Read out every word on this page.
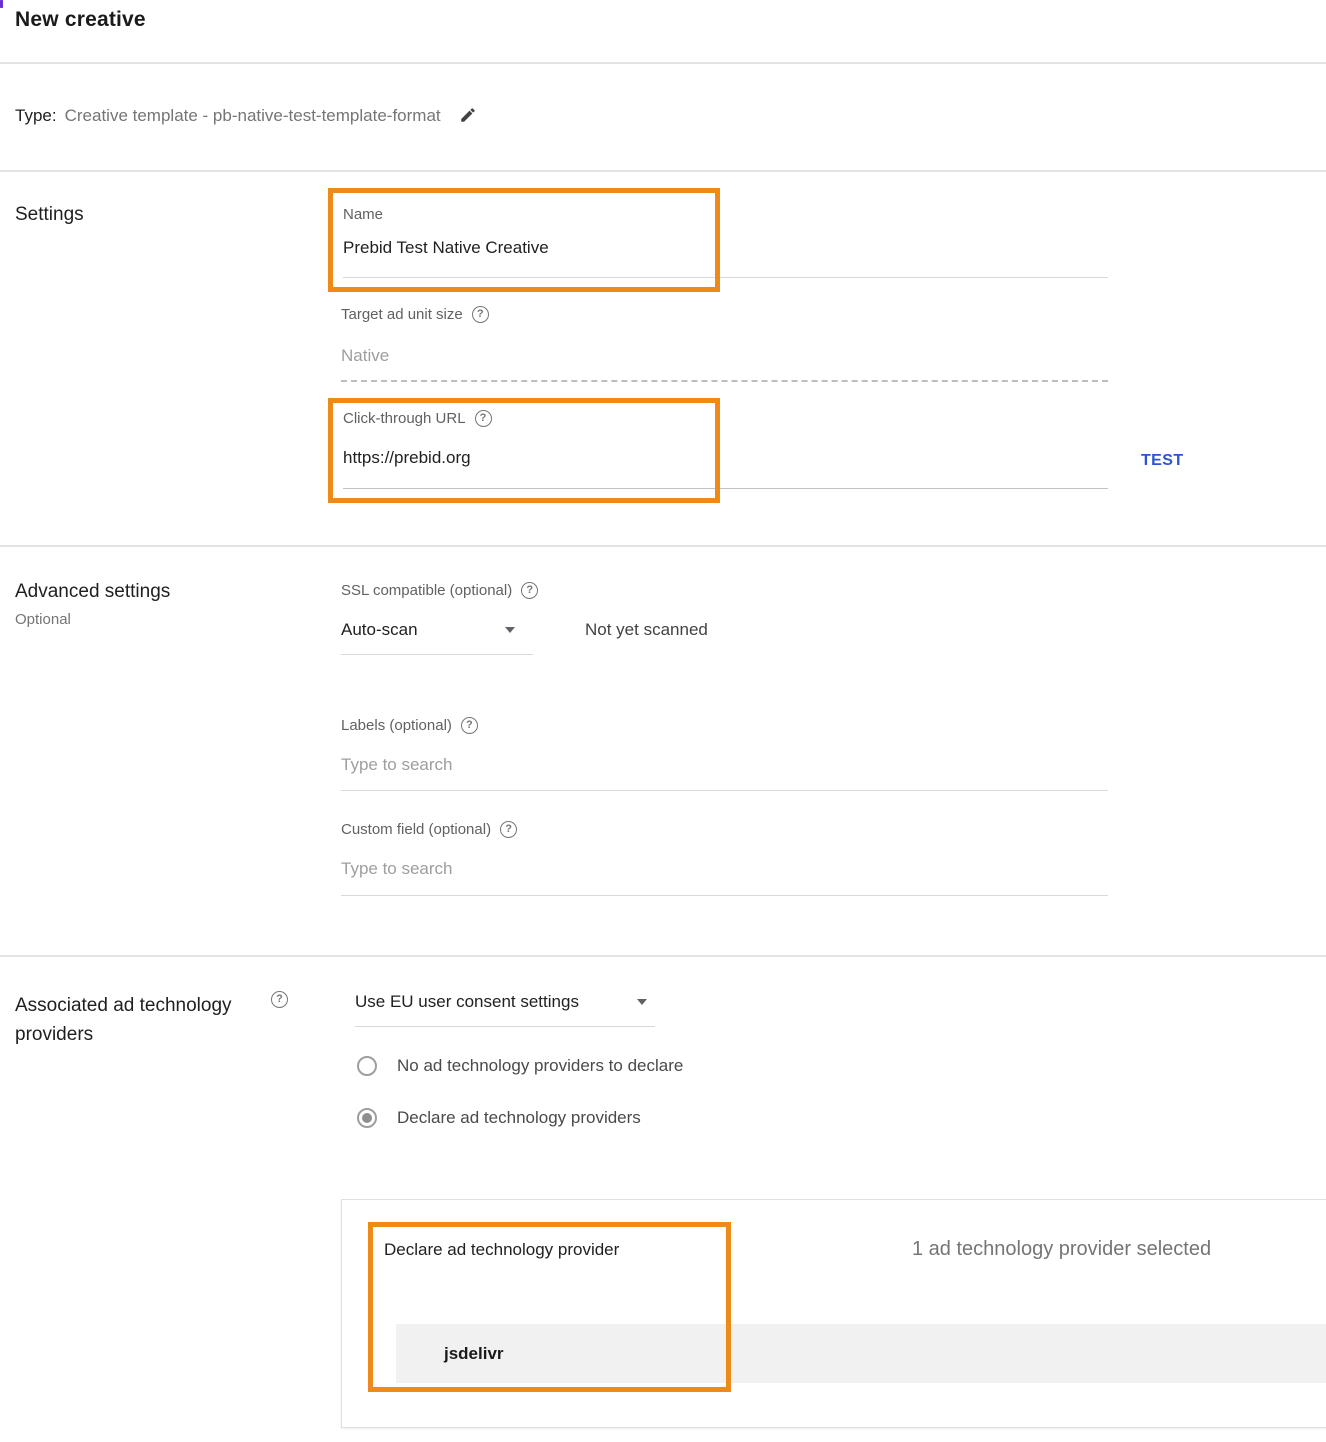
New creative
Type: Creative template - pb-native-test-template-format
Settings	Name
Prebid Test Native Creative
Target ad unit size	?
Native
Click-through URL	?
https://prebid.org
TEST
Advanced settings
Optional
SSL compatible (optional)	?
Auto-scan	Not yet scanned
Labels (optional)	?
Type to search
Custom field (optional)	?
Type to search
Associated ad technology providers
?	Use EU user consent settings
No ad technology providers to declare
Declare ad technology providers
Declare ad technology provider	1 ad technology provider selected
jsdelivr
